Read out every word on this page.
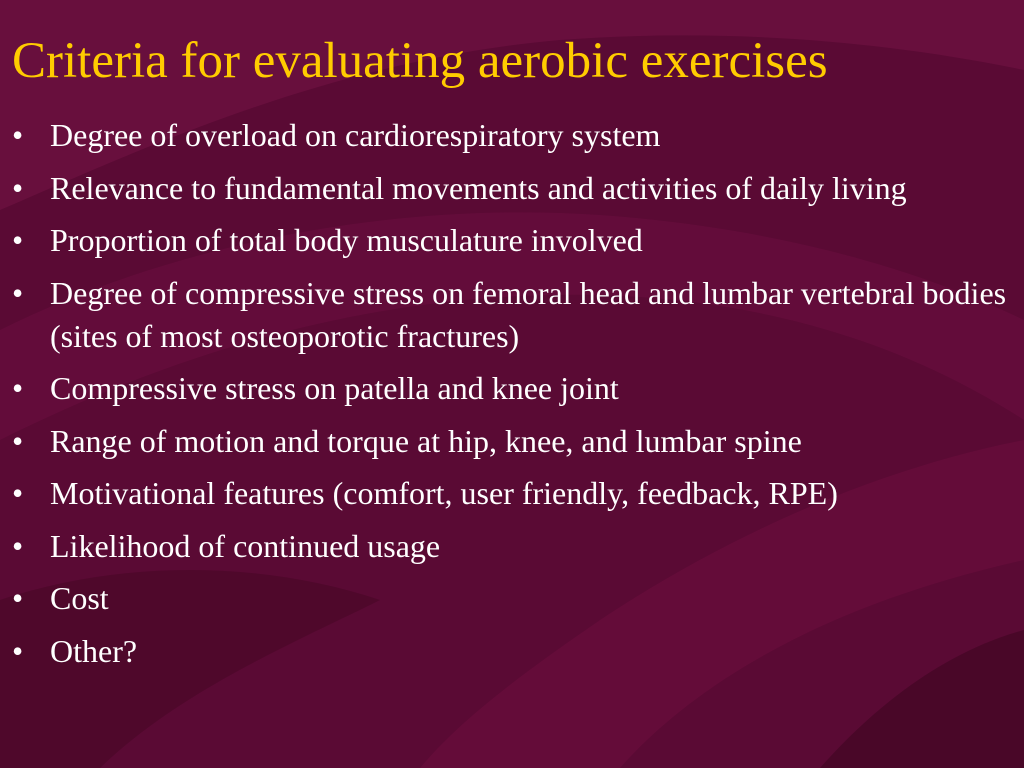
Criteria for evaluating aerobic exercises
• Degree of overload on cardiorespiratory system
• Relevance to fundamental movements and activities of daily living
• Proportion of total body musculature involved
• Degree of compressive stress on femoral head and lumbar vertebral bodies (sites of most osteoporotic fractures)
• Compressive stress on patella and knee joint
• Range of motion and torque at hip, knee, and lumbar spine
• Motivational features (comfort, user friendly, feedback, RPE)
• Likelihood of continued usage
• Cost
• Other?
